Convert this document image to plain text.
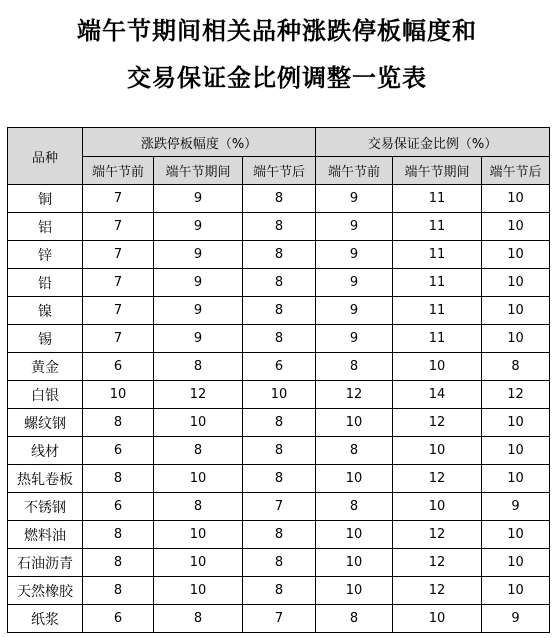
端午节期间相关品种涨跌停板幅度和
交易保证金比例调整一览表
品种	涨跌停板幅度（%）			交易保证金比例（%）		
	端午节前	端午节期间	端午节后	端午节前	端午节期间	端午节后
铜	7	9	8	9	11	10
铝	7	9	8	9	11	10
锌	7	9	8	9	11	10
铅	7	9	8	9	11	10
镍	7	9	8	9	11	10
锡	7	9	8	9	11	10
黄金	6	8	6	8	10	8
白银	10	12	10	12	14	12
螺纹钢	8	10	8	10	12	10
线材	6	8	8	8	10	10
热轧卷板	8	10	8	10	12	10
不锈钢	6	8	7	8	10	9
燃料油	8	10	8	10	12	10
石油沥青	8	10	8	10	12	10
天然橡胶	8	10	8	10	12	10
纸浆	6	8	7	8	10	9
